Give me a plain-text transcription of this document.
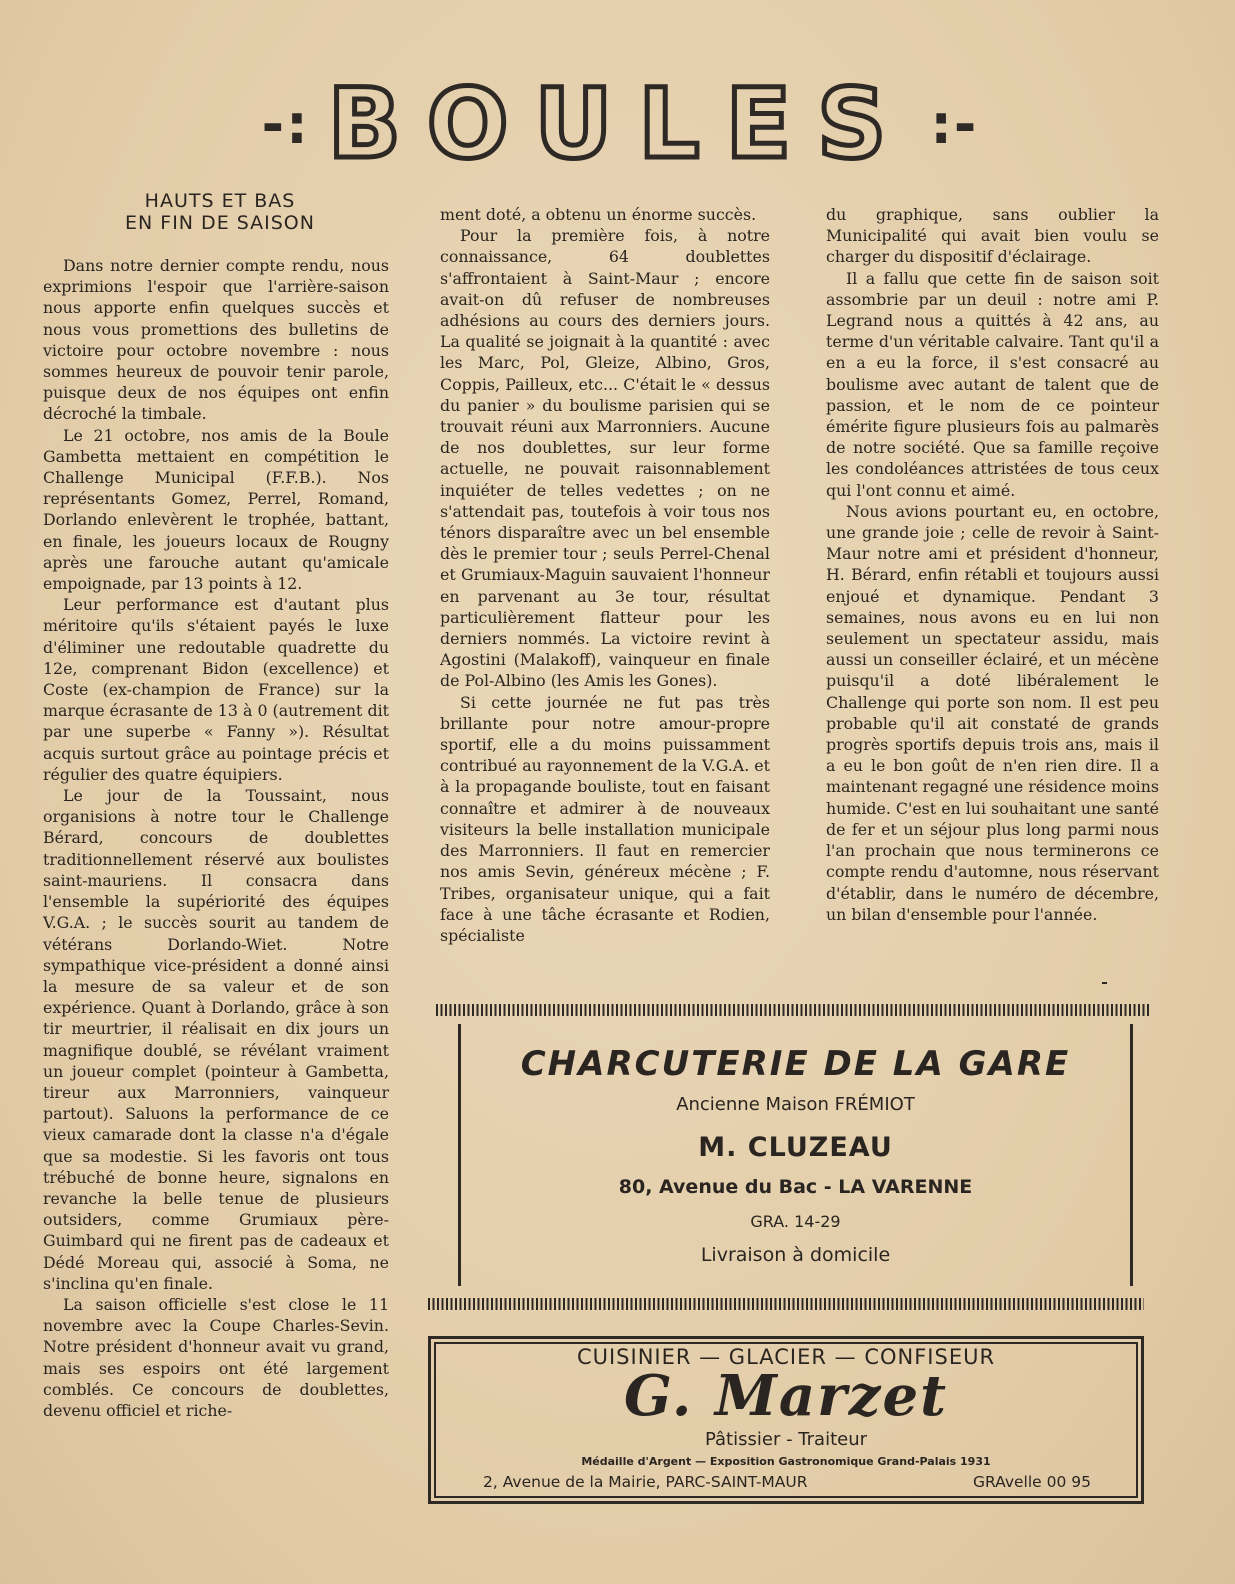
-: BOULES :-
HAUTS ET BAS
EN FIN DE SAISON

Dans notre dernier compte rendu, nous exprimions l'espoir que l'arrière-saison nous apporte enfin quelques succès et nous vous promettions des bulletins de victoire pour octobre novembre : nous sommes heureux de pouvoir tenir parole, puisque deux de nos équipes ont enfin décroché la timbale.

Le 21 octobre, nos amis de la Boule Gambetta mettaient en compétition le Challenge Municipal (F.F.B.). Nos représentants Gomez, Perrel, Romand, Dorlando enlevèrent le trophée, battant, en finale, les joueurs locaux de Rougny après une farouche autant qu'amicale empoignade, par 13 points à 12.

Leur performance est d'autant plus méritoire qu'ils s'étaient payés le luxe d'éliminer une redoutable quadrette du 12e, comprenant Bidon (excellence) et Coste (ex-champion de France) sur la marque écrasante de 13 à 0 (autrement dit par une superbe « Fanny »). Résultat acquis surtout grâce au pointage précis et régulier des quatre équipiers.

Le jour de la Toussaint, nous organisions à notre tour le Challenge Bérard, concours de doublettes traditionnellement réservé aux boulistes saint-mauriens. Il consacra dans l'ensemble la supériorité des équipes V.G.A. ; le succès sourit au tandem de vétérans Dorlando-Wiet. Notre sympathique vice-président a donné ainsi la mesure de sa valeur et de son expérience. Quant à Dorlando, grâce à son tir meurtrier, il réalisait en dix jours un magnifique doublé, se révélant vraiment un joueur complet (pointeur à Gambetta, tireur aux Marronniers, vainqueur partout). Saluons la performance de ce vieux camarade dont la classe n'a d'égale que sa modestie. Si les favoris ont tous trébuché de bonne heure, signalons en revanche la belle tenue de plusieurs outsiders, comme Grumiaux père-Guimbard qui ne firent pas de cadeaux et Dédé Moreau qui, associé à Soma, ne s'inclina qu'en finale.

La saison officielle s'est close le 11 novembre avec la Coupe Charles-Sevin. Notre président d'honneur avait vu grand, mais ses espoirs ont été largement comblés. Ce concours de doublettes, devenu officiel et riche-

ment doté, a obtenu un énorme succès.

Pour la première fois, à notre connaissance, 64 doublettes s'affrontaient à Saint-Maur ; encore avait-on dû refuser de nombreuses adhésions au cours des derniers jours. La qualité se joignait à la quantité : avec les Marc, Pol, Gleize, Albino, Gros, Coppis, Pailleux, etc... C'était le « dessus du panier » du boulisme parisien qui se trouvait réuni aux Marronniers. Aucune de nos doublettes, sur leur forme actuelle, ne pouvait raisonnablement inquiéter de telles vedettes ; on ne s'attendait pas, toutefois à voir tous nos ténors disparaître avec un bel ensemble dès le premier tour ; seuls Perrel-Chenal et Grumiaux-Maguin sauvaient l'honneur en parvenant au 3e tour, résultat particulièrement flatteur pour les derniers nommés. La victoire revint à Agostini (Malakoff), vainqueur en finale de Pol-Albino (les Amis les Gones).

Si cette journée ne fut pas très brillante pour notre amour-propre sportif, elle a du moins puissamment contribué au rayonnement de la V.G.A. et à la propagande bouliste, tout en faisant connaître et admirer à de nouveaux visiteurs la belle installation municipale des Marronniers. Il faut en remercier nos amis Sevin, généreux mécène ; F. Tribes, organisateur unique, qui a fait face à une tâche écrasante et Rodien, spécialiste

du graphique, sans oublier la Municipalité qui avait bien voulu se charger du dispositif d'éclairage.

Il a fallu que cette fin de saison soit assombrie par un deuil : notre ami P. Legrand nous a quittés à 42 ans, au terme d'un véritable calvaire. Tant qu'il a en a eu la force, il s'est consacré au boulisme avec autant de talent que de passion, et le nom de ce pointeur émérite figure plusieurs fois au palmarès de notre société. Que sa famille reçoive les condoléances attristées de tous ceux qui l'ont connu et aimé.

Nous avions pourtant eu, en octobre, une grande joie ; celle de revoir à Saint-Maur notre ami et président d'honneur, H. Bérard, enfin rétabli et toujours aussi enjoué et dynamique. Pendant 3 semaines, nous avons eu en lui non seulement un spectateur assidu, mais aussi un conseiller éclairé, et un mécène puisqu'il a doté libéralement le Challenge qui porte son nom. Il est peu probable qu'il ait constaté de grands progrès sportifs depuis trois ans, mais il a eu le bon goût de n'en rien dire. Il a maintenant regagné une résidence moins humide. C'est en lui souhaitant une santé de fer et un séjour plus long parmi nous l'an prochain que nous terminerons ce compte rendu d'automne, nous réservant d'établir, dans le numéro de décembre, un bilan d'ensemble pour l'année.

CHARCUTERIE DE LA GARE
Ancienne Maison FRÉMIOT
M. CLUZEAU
80, Avenue du Bac - LA VARENNE
GRA. 14-29
Livraison à domicile
CUISINIER — GLACIER — CONFISEUR
G. Marzet
Pâtissier - Traiteur
Médaille d'Argent — Exposition Gastronomique Grand-Palais 1931
2, Avenue de la Mairie, PARC-SAINT-MAUR	GRAvelle 00 95
